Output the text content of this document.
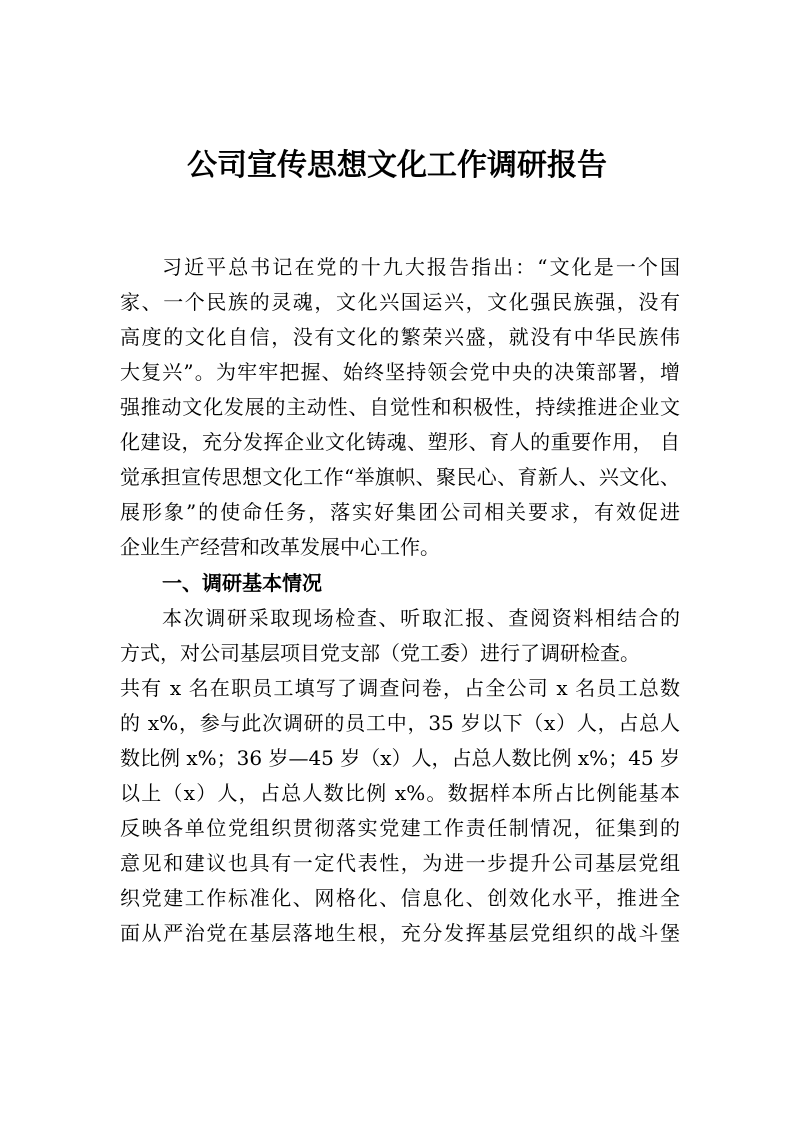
公司宣传思想文化工作调研报告
习近平总书记在党的十九大报告指出：“文化是一个国
家、一个民族的灵魂，文化兴国运兴，文化强民族强，没有
高度的文化自信，没有文化的繁荣兴盛，就没有中华民族伟
大复兴”。为牢牢把握、始终坚持领会党中央的决策部署，增
强推动文化发展的主动性、自觉性和积极性，持续推进企业文
化建设，充分发挥企业文化铸魂、塑形、育人的重要作用， 自
觉承担宣传思想文化工作“举旗帜、聚民心、育新人、兴文化、
展形象”的使命任务，落实好集团公司相关要求，有效促进
企业生产经营和改革发展中心工作。
一、调研基本情况
本次调研采取现场检查、听取汇报、查阅资料相结合的
方式，对公司基层项目党支部（党工委）进行了调研检查。
共有 x 名在职员工填写了调查问卷，占全公司 x 名员工总数
的 x%，参与此次调研的员工中，35 岁以下（x）人，占总人
数比例 x%；36 岁—45 岁（x）人，占总人数比例 x%；45 岁
以上（x）人，占总人数比例 x%。数据样本所占比例能基本
反映各单位党组织贯彻落实党建工作责任制情况，征集到的
意见和建议也具有一定代表性，为进一步提升公司基层党组
织党建工作标准化、网格化、信息化、创效化水平，推进全
面从严治党在基层落地生根，充分发挥基层党组织的战斗堡
